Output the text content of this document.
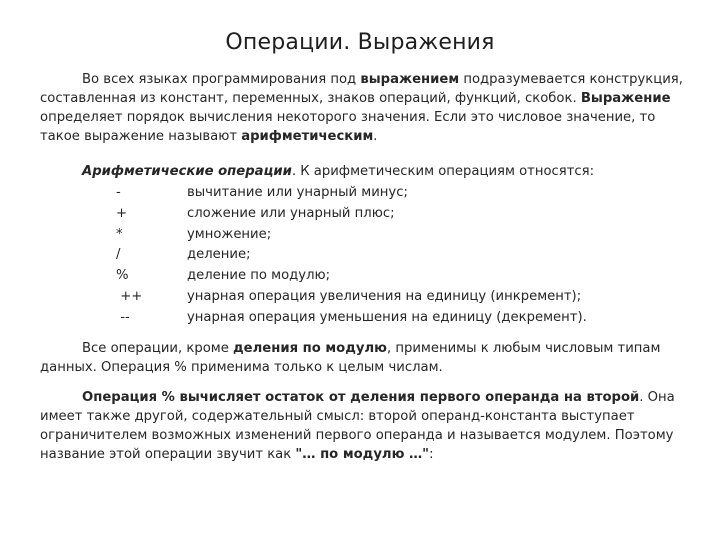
Операции. Выражения

Во всех языках программирования под выражением подразумевается конструкция, составленная из констант, переменных, знаков операций, функций, скобок. Выражение определяет порядок вычисления некоторого значения. Если это числовое значение, то такое выражение называют арифметическим.

Арифметические операции. К арифметическим операциям относятся:

-	вычитание или унарный минус;
+	сложение или унарный плюс;
*	умножение;
/	деление;
%	деление по модулю;
++	унарная операция увеличения на единицу (инкремент);
--	унарная операция уменьшения на единицу (декремент).

Все операции, кроме деления по модулю, применимы к любым числовым типам данных. Операция % применима только к целым числам.

Операция % вычисляет остаток от деления первого операнда на второй. Она имеет также другой, содержательный смысл: второй операнд-константа выступает ограничителем возможных изменений первого операнда и называется модулем. Поэтому название этой операции звучит как "… по модулю …":
